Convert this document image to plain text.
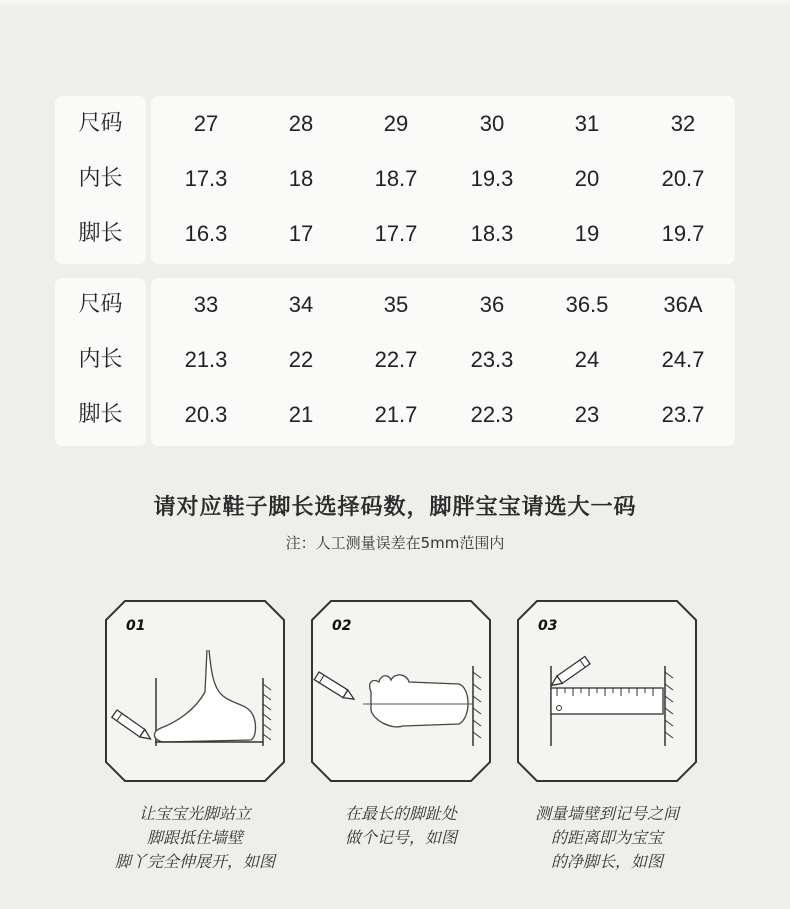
尺码	27	28	29	30	31	32
内长	17.3	18	18.7	19.3	20	20.7
脚长	16.3	17	17.7	18.3	19	19.7
尺码	33	34	35	36	36.5	36A
内长	21.3	22	22.7	23.3	24	24.7
脚长	20.3	21	21.7	22.3	23	23.7
请对应鞋子脚长选择码数，脚胖宝宝请选大一码
注：人工测量误差在5mm范围内
01	02	03
让宝宝光脚站立
脚跟抵住墙壁
脚丫完全伸展开，如图
在最长的脚趾处
做个记号，如图
测量墙壁到记号之间
的距离即为宝宝
的净脚长，如图
